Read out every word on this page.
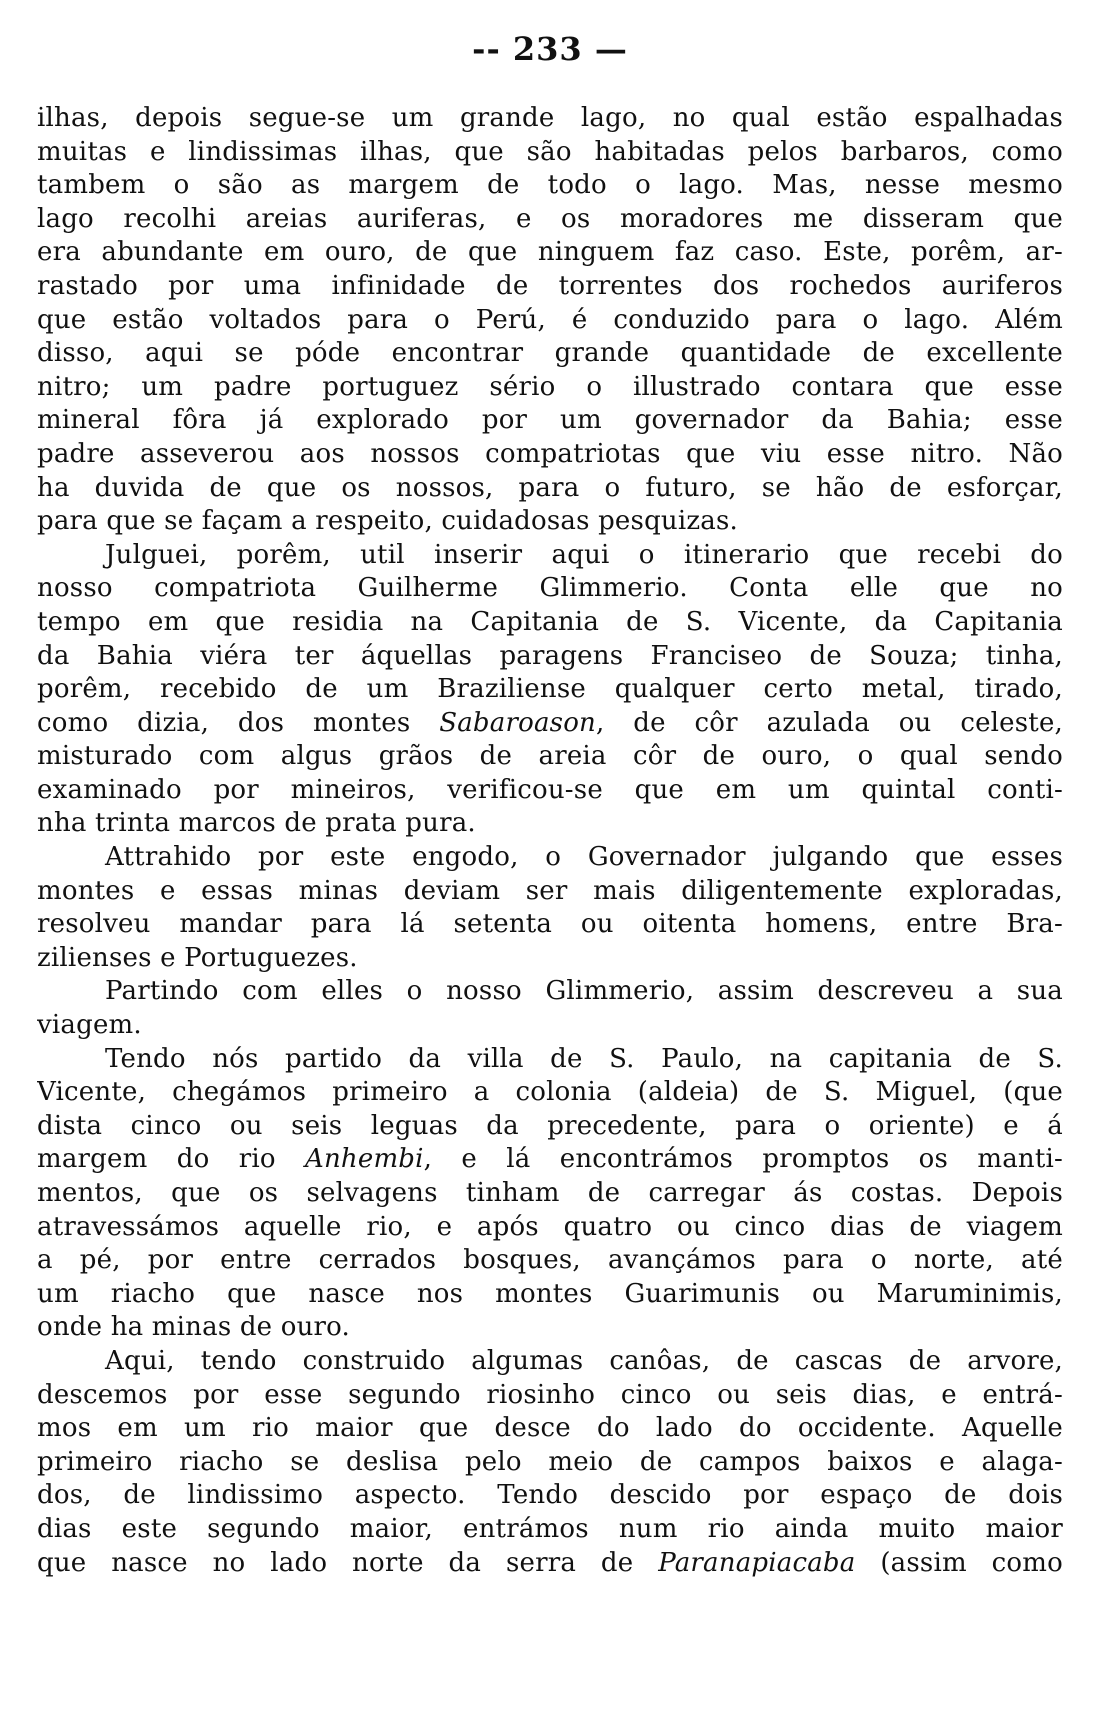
-- 233 —
ilhas, depois segue-se um grande lago, no qual estão espalhadas
muitas e lindissimas ilhas, que são habitadas pelos barbaros, como
tambem o são as margem de todo o lago. Mas, nesse mesmo
lago recolhi areias auriferas, e os moradores me disseram que
era abundante em ouro, de que ninguem faz caso. Este, porêm, ar-
rastado por uma infinidade de torrentes dos rochedos auriferos
que estão voltados para o Perú, é conduzido para o lago. Além
disso, aqui se póde encontrar grande quantidade de excellente
nitro; um padre portuguez sério o illustrado contara que esse
mineral fôra já explorado por um governador da Bahia; esse
padre asseverou aos nossos compatriotas que viu esse nitro. Não
ha duvida de que os nossos, para o futuro, se hão de esforçar,
para que se façam a respeito, cuidadosas pesquizas.
Julguei, porêm, util inserir aqui o itinerario que recebi do
nosso compatriota Guilherme Glimmerio. Conta elle que no
tempo em que residia na Capitania de S. Vicente, da Capitania
da Bahia viéra ter áquellas paragens Franciseo de Souza; tinha,
porêm, recebido de um Braziliense qualquer certo metal, tirado,
como dizia, dos montes Sabaroason, de côr azulada ou celeste,
misturado com algus grãos de areia côr de ouro, o qual sendo
examinado por mineiros, verificou-se que em um quintal conti-
nha trinta marcos de prata pura.
Attrahido por este engodo, o Governador julgando que esses
montes e essas minas deviam ser mais diligentemente exploradas,
resolveu mandar para lá setenta ou oitenta homens, entre Bra-
zilienses e Portuguezes.
Partindo com elles o nosso Glimmerio, assim descreveu a sua
viagem.
Tendo nós partido da villa de S. Paulo, na capitania de S.
Vicente, chegámos primeiro a colonia (aldeia) de S. Miguel, (que
dista cinco ou seis leguas da precedente, para o oriente) e á
margem do rio Anhembi, e lá encontrámos promptos os manti-
mentos, que os selvagens tinham de carregar ás costas. Depois
atravessámos aquelle rio, e após quatro ou cinco dias de viagem
a pé, por entre cerrados bosques, avançámos para o norte, até
um riacho que nasce nos montes Guarimunis ou Maruminimis,
onde ha minas de ouro.
Aqui, tendo construido algumas canôas, de cascas de arvore,
descemos por esse segundo riosinho cinco ou seis dias, e entrá-
mos em um rio maior que desce do lado do occidente. Aquelle
primeiro riacho se deslisa pelo meio de campos baixos e alaga-
dos, de lindissimo aspecto. Tendo descido por espaço de dois
dias este segundo maior, entrámos num rio ainda muito maior
que nasce no lado norte da serra de Paranapiacaba (assim como
